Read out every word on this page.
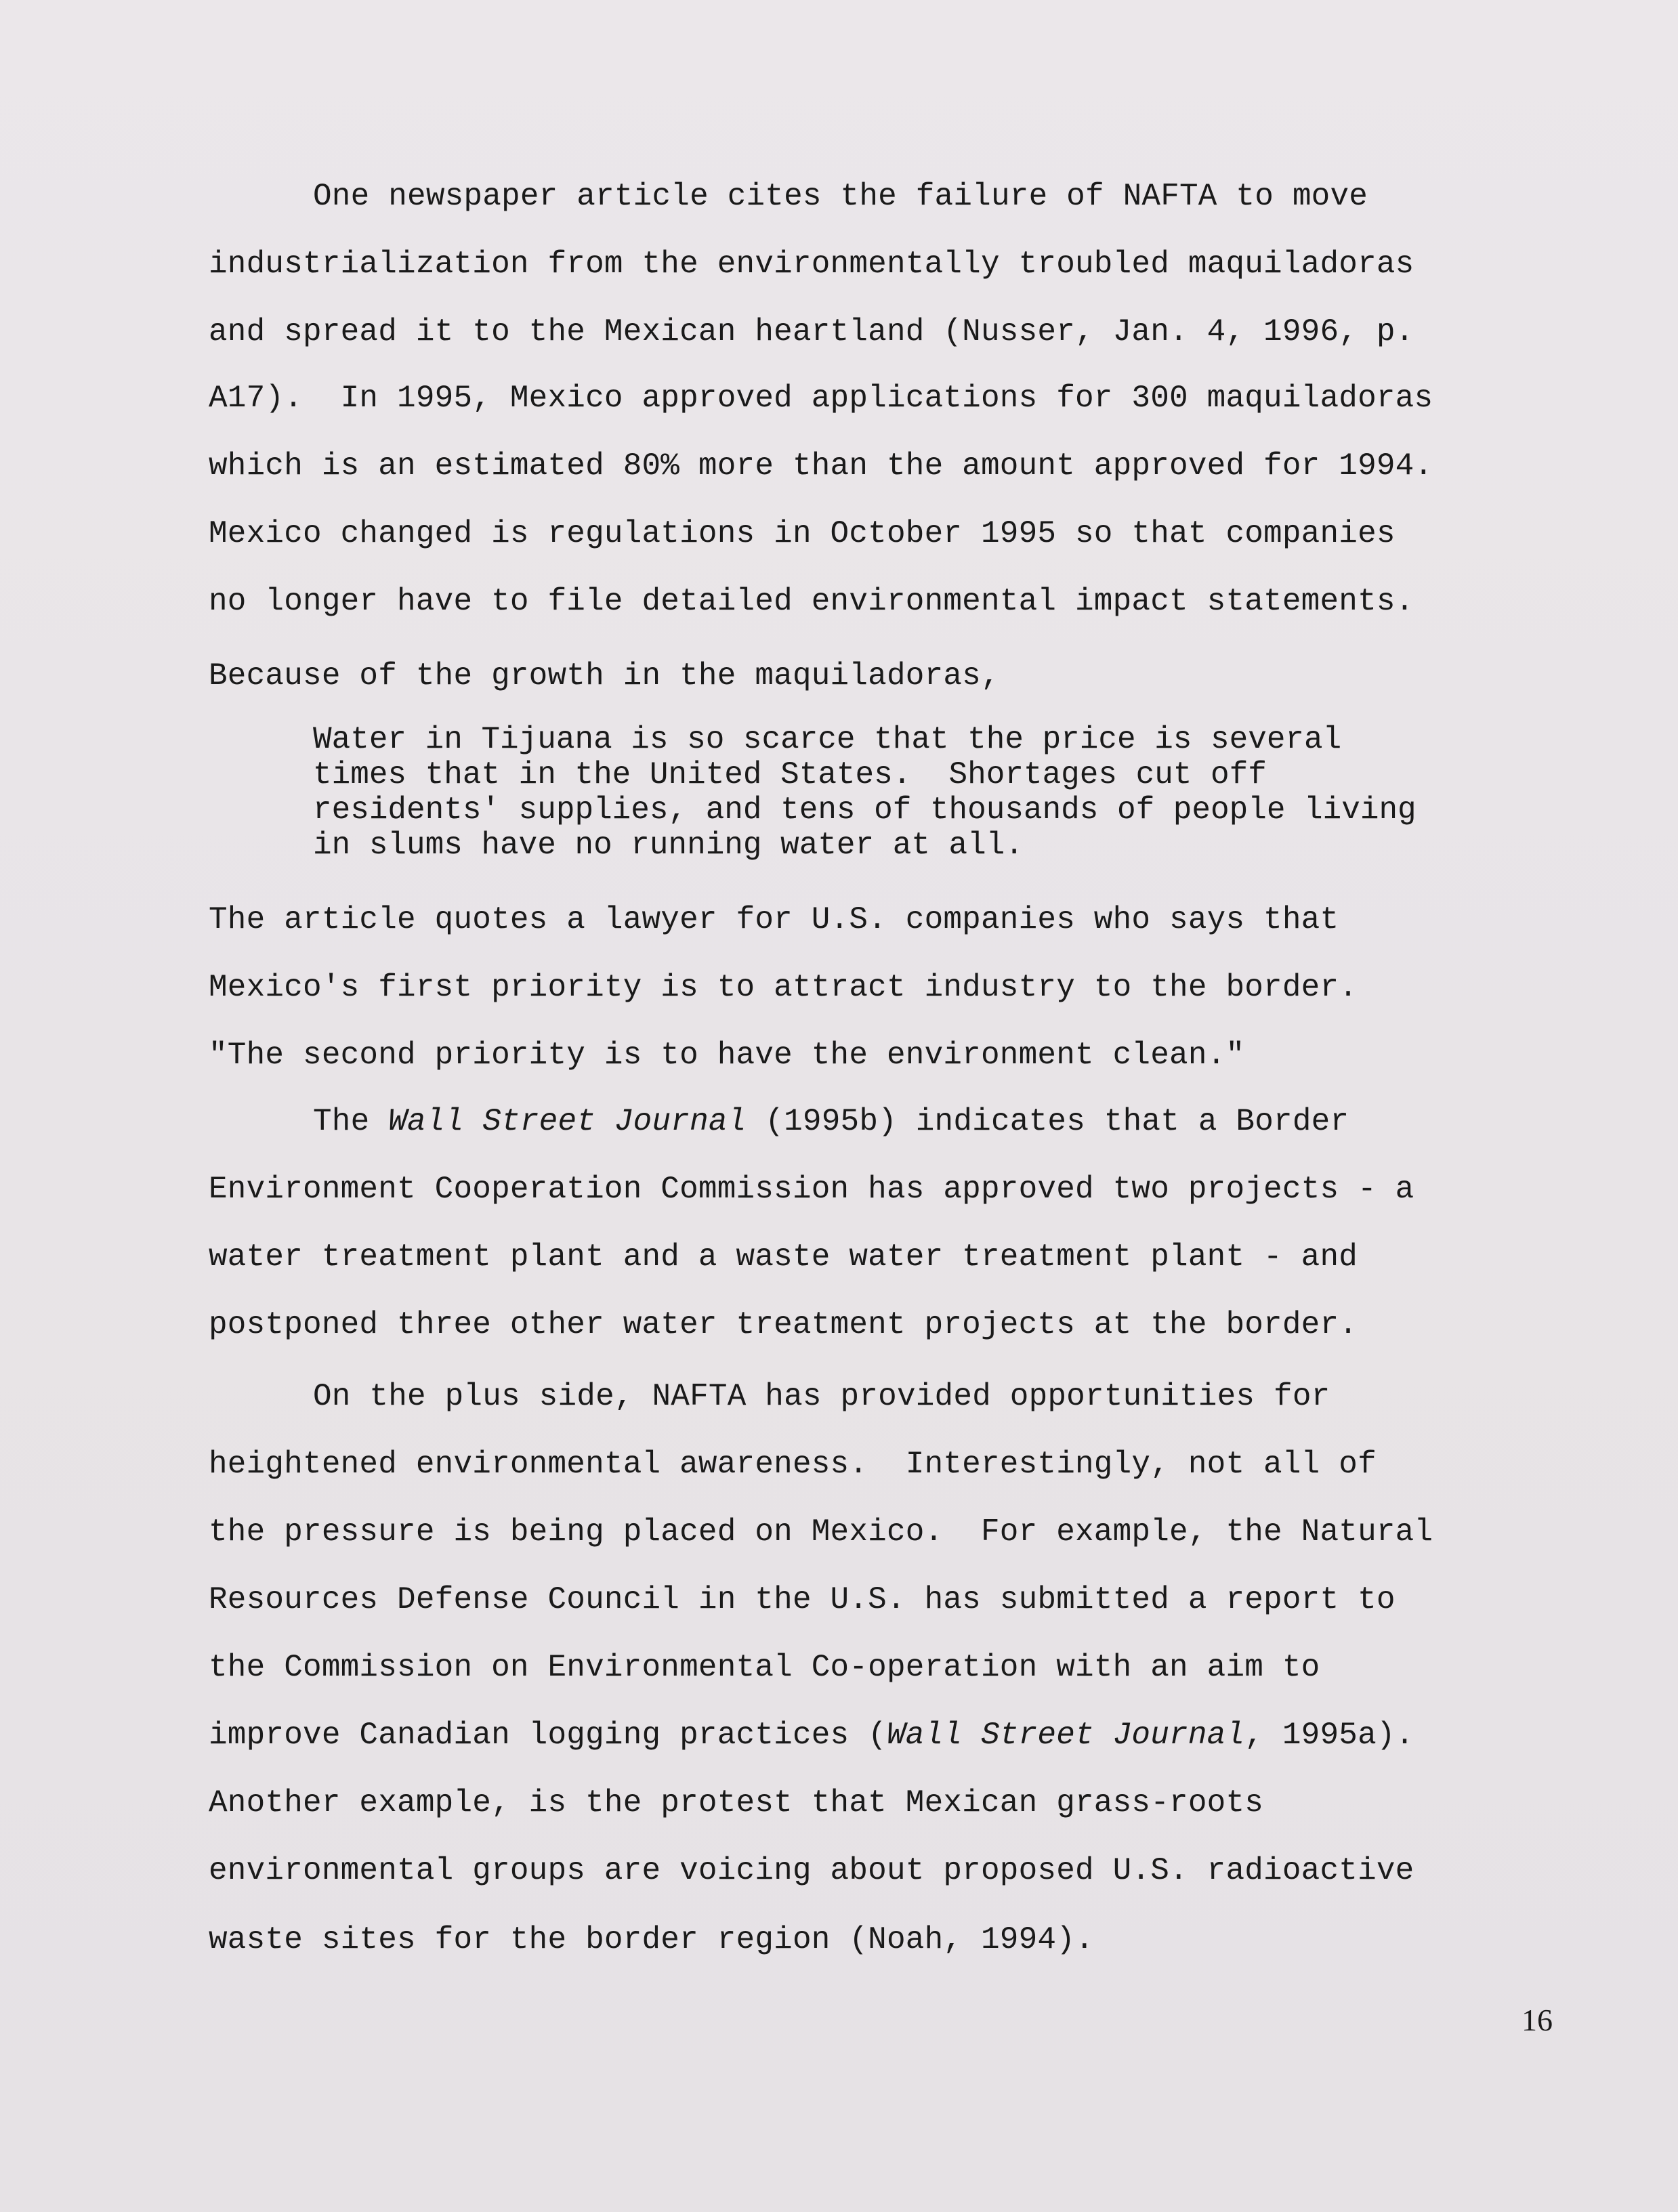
One newspaper article cites the failure of NAFTA to move
industrialization from the environmentally troubled maquiladoras
and spread it to the Mexican heartland (Nusser, Jan. 4, 1996, p.
A17).  In 1995, Mexico approved applications for 300 maquiladoras
which is an estimated 80% more than the amount approved for 1994.
Mexico changed is regulations in October 1995 so that companies
no longer have to file detailed environmental impact statements.
Because of the growth in the maquiladoras,
Water in Tijuana is so scarce that the price is several
times that in the United States.  Shortages cut off
residents' supplies, and tens of thousands of people living
in slums have no running water at all.
The article quotes a lawyer for U.S. companies who says that
Mexico's first priority is to attract industry to the border.
"The second priority is to have the environment clean."
The Wall Street Journal (1995b) indicates that a Border
Environment Cooperation Commission has approved two projects - a
water treatment plant and a waste water treatment plant - and
postponed three other water treatment projects at the border.
On the plus side, NAFTA has provided opportunities for
heightened environmental awareness.  Interestingly, not all of
the pressure is being placed on Mexico.  For example, the Natural
Resources Defense Council in the U.S. has submitted a report to
the Commission on Environmental Co-operation with an aim to
improve Canadian logging practices (Wall Street Journal, 1995a).
Another example, is the protest that Mexican grass-roots
environmental groups are voicing about proposed U.S. radioactive
waste sites for the border region (Noah, 1994).
16
